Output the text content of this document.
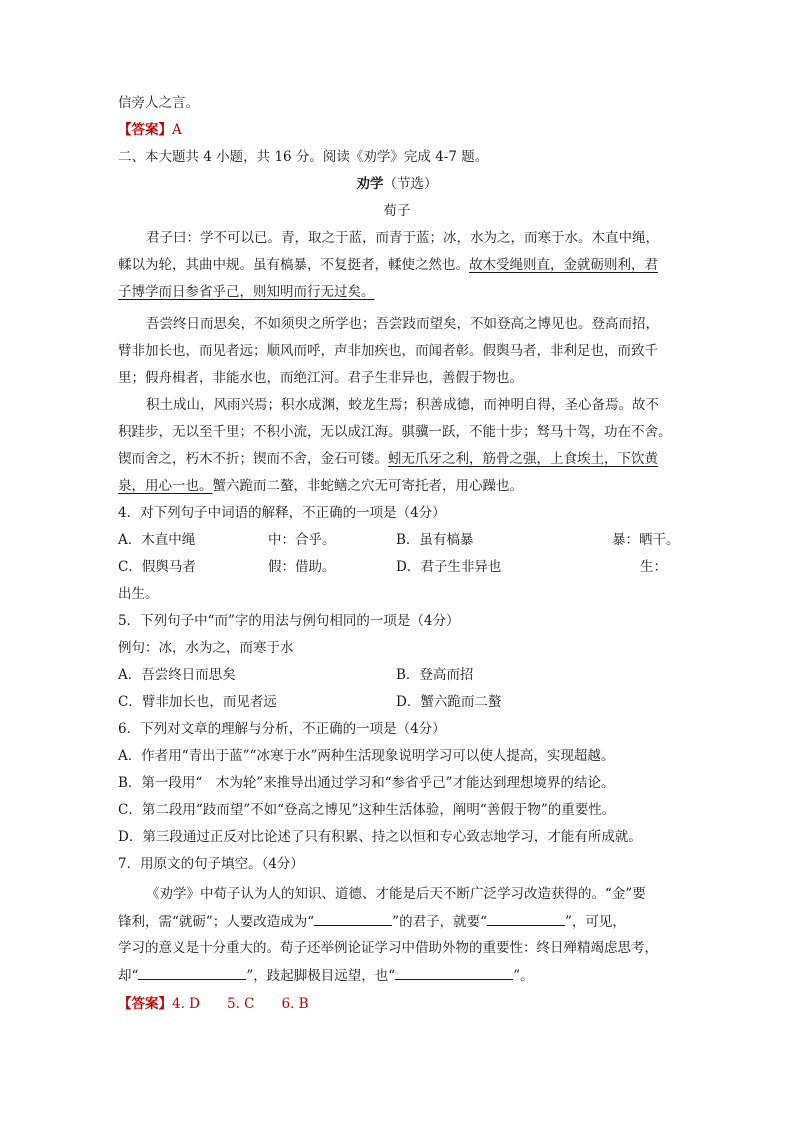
信旁人之言。
【答案】A
二、本大题共 4 小题，共 16 分。阅读《劝学》完成 4-7 题。
劝学（节选）
荀子
君子曰：学不可以已。青，取之于蓝，而青于蓝；冰，水为之，而寒于水。木直中绳，
輮以为轮，其曲中规。虽有槁暴，不复挺者，輮使之然也。故木受绳则直，金就砺则利，君
子博学而日参省乎己，则知明而行无过矣。
吾尝终日而思矣，不如须臾之所学也；吾尝跂而望矣，不如登高之博见也。登高而招，
臂非加长也，而见者远；顺风而呼，声非加疾也，而闻者彰。假舆马者，非利足也，而致千
里；假舟楫者，非能水也，而绝江河。君子生非异也，善假于物也。
积土成山，风雨兴焉；积水成渊，蛟龙生焉；积善成德，而神明自得，圣心备焉。故不
积跬步，无以至千里；不积小流，无以成江海。骐骥一跃，不能十步；驽马十驾，功在不舍。
锲而舍之，朽木不折；锲而不舍，金石可镂。蚓无爪牙之利，筋骨之强，上食埃土，下饮黄
泉，用心一也。蟹六跪而二螯，非蛇鳝之穴无可寄托者，用心躁也。
4．对下列句子中词语的解释，不正确的一项是（4分）
A．木直中绳	中：合乎。	B．虽有槁暴	暴：晒干。
C．假舆马者	假：借助。	D．君子生非异也	生：
出生。
5．下列句子中“而”字的用法与例句相同的一项是（4分）
例句：冰，水为之，而寒于水
A．吾尝终日而思矣	B．登高而招
C．臂非加长也，而见者远	D．蟹六跪而二螯
6．下列对文章的理解与分析，不正确的一项是（4分）
A．作者用“青出于蓝”“冰寒于水”两种生活现象说明学习可以使人提高，实现超越。
B．第一段用“　木为轮”来推导出通过学习和“参省乎己”才能达到理想境界的结论。
C．第二段用“跂而望”不如“登高之博见”这种生活体验，阐明“善假于物”的重要性。
D．第三段通过正反对比论述了只有积累、持之以恒和专心致志地学习，才能有所成就。
7．用原文的句子填空。（4分）
《劝学》中荀子认为人的知识、道德、才能是后天不断广泛学习改造获得的。“金”要
锋利，需“就砺”；人要改造成为“	”的君子，就要“	”，可见，
学习的意义是十分重大的。荀子还举例论证学习中借助外物的重要性：终日殚精竭虑思考，
却“	”，跂起脚极目远望，也“	”。
【答案】4. D　　5. C　　6. B
